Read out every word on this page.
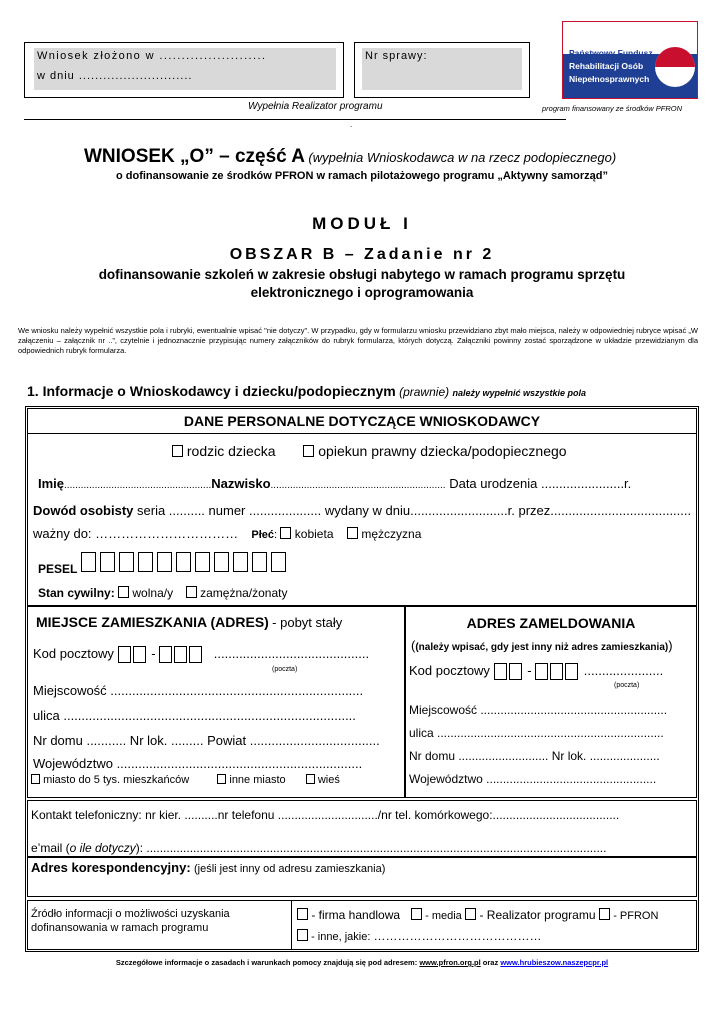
Wniosek złożono w ........................
w dniu ............................
Nr sprawy:
Wypełnia Realizator programu
.
Państwowy Fundusz
Rehabilitacji Osób
Niepełnosprawnych
program finansowany ze środków PFRON
WNIOSEK „O” – część A (wypełnia Wnioskodawca w na rzecz podopiecznego)
o dofinansowanie ze środków PFRON w ramach pilotażowego programu „Aktywny samorząd”
MODUŁ I
OBSZAR B – Zadanie nr 2
dofinansowanie szkoleń w zakresie obsługi nabytego w ramach programu sprzętu
elektronicznego i oprogramowania
We wniosku należy wypełnić wszystkie pola i rubryki, ewentualnie wpisać "nie dotyczy". W przypadku, gdy w formularzu wniosku przewidziano zbyt mało miejsca, należy w odpowiedniej rubryce wpisać „W załączeniu – załącznik nr ..”, czytelnie i jednoznacznie przypisując numery załączników do rubryk formularza, których dotyczą. Załączniki powinny zostać sporządzone w układzie przewidzianym dla odpowiednich rubryk formularza.
1. Informacje o Wnioskodawcy i dziecku/podopiecznym (prawnie) należy wypełnić wszystkie pola
DANE PERSONALNE DOTYCZĄCE WNIOSKODAWCY
rodzic dziecka	opiekun prawny dziecka/podopiecznego
Imię.....................................................Nazwisko............................................................... Data urodzenia .......................r.
Dowód osobisty seria .......... numer .................... wydany w dniu...........................r. przez.......................................
ważny do: …………………………… Płeć:  kobieta mężczyzna
PESEL
Stan cywilny:  wolna/y zamężna/żonaty
MIEJSCE ZAMIESZKANIA (ADRES) - pobyt stały
Kod pocztowy	-	...........................................
(poczta)
Miejscowość ......................................................................
ulica .................................................................................
Nr domu ........... Nr lok. ......... Powiat ....................................
Województwo ....................................................................
miasto do 5 tys. mieszkańców	inne miasto	wieś
ADRES ZAMELDOWANIA
((należy wpisać, gdy jest inny niż adres zamieszkania))
Kod pocztowy	-	......................
(poczta)
Miejscowość ........................................................
ulica ....................................................................
Nr domu ........................... Nr lok. .....................
Województwo ...................................................
Kontakt telefoniczny: nr kier. ..........nr telefonu ............................../nr tel. komórkowego:......................................
e’mail (o ile dotyczy): ..........................................................................................................................................
Adres korespondencyjny: (jeśli jest inny od adresu zamieszkania)
Źródło informacji o możliwości uzyskania
dofinansowania w ramach programu
- firma handlowa - media - Realizator programu - PFRON
- inne, jakie: ……………………………………
Szczegółowe informacje o zasadach i warunkach pomocy znajdują się pod adresem: www.pfron.org.pl oraz www.hrubieszow.naszepcpr.pl
